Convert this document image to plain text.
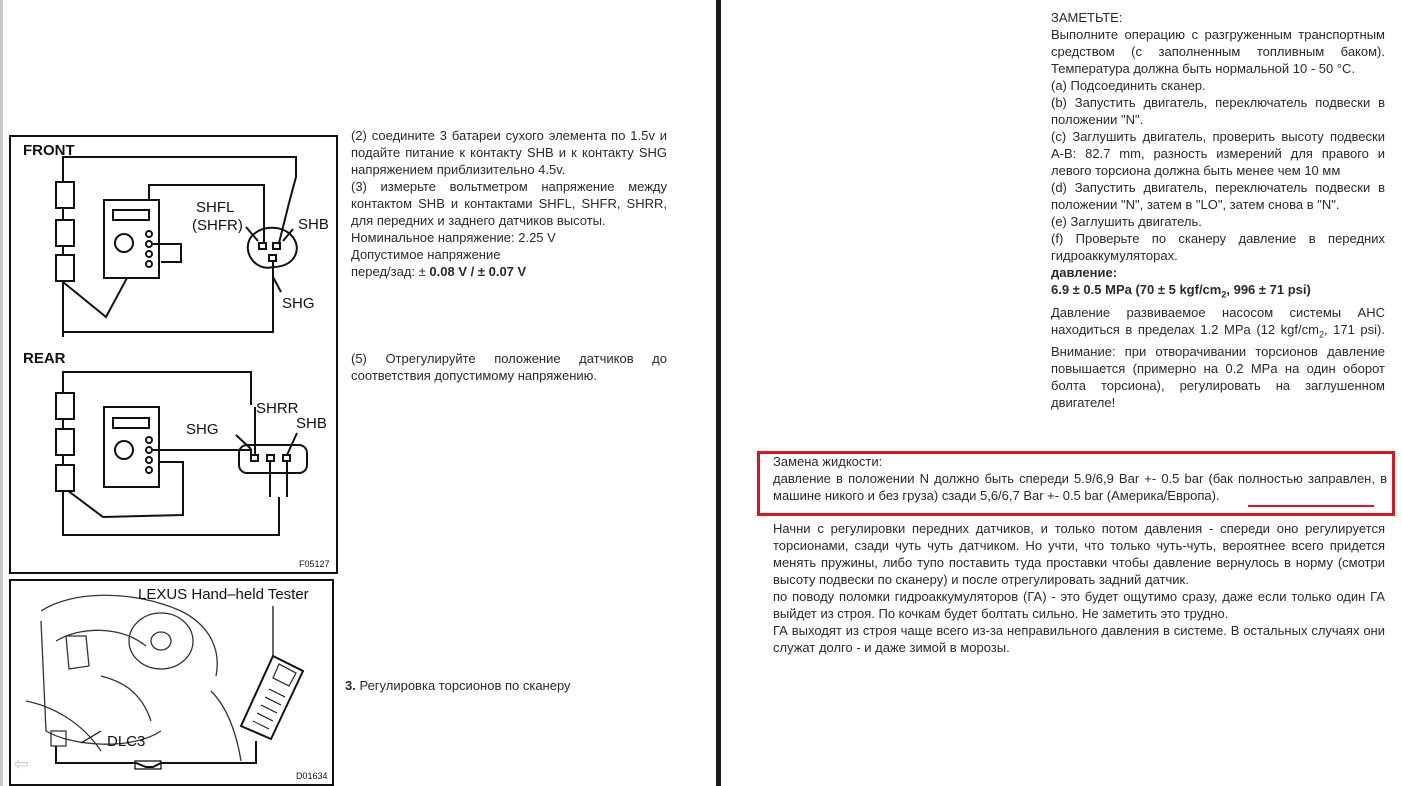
FRONT
REAR
SHFL
(SHFR)	SHB
SHG
SHRR
SHB
SHG
F05127
LEXUS Hand–held Tester
DLC3
D01634
⇦

(2) соедините 3 батареи сухого элемента по 1.5v и подайте питание к контакту SHB и к контакту SHG напряжением приблизительно 4.5v.

(3) измерьте вольтметром напряжение между контактом SHB и контактами SHFL, SHFR, SHRR, для передних и заднего датчиков высоты.

Номинальное напряжение: 2.25 V

Допустимое напряжение

перед/зад: ± 0.08 V / ± 0.07 V

(5) Отрегулируйте положение датчиков до соответствия допустимому напряжению.
3. Регулировка торсионов по сканеру

ЗАМЕТЬТЕ:

Выполните операцию с разгруженным транспортным средством (с заполненным топливным баком). Температура должна быть нормальной 10 - 50 °С.

(a) Подсоединить сканер.

(b) Запустить двигатель, переключатель подвески в положении "N".

(c) Заглушить двигатель, проверить высоту подвески А-В: 82.7 mm, разность измерений для правого и левого торсиона должна быть менее чем 10 мм

(d) Запустить двигатель, переключатель подвески в положении "N", затем в "LO", затем снова в "N".

(e) Заглушить двигатель.

(f) Проверьте по сканеру давление в передних гидроаккумуляторах.

давление:

6.9 ± 0.5 MPa (70 ± 5 kgf/$cm_2$, 996 ± 71 psi)

Давление развиваемое насосом системы АНС находиться в пределах 1.2 MPa (12 kgf/$cm_2$, 171 psi). Внимание: при отворачивании торсионов давление повышается (примерно на 0.2 MPa на один оборот болта торсиона), регулировать на заглушенном двигателе!

Замена жидкости:

давление в положении N должно быть спереди 5.9/6,9 Bar +- 0.5 bar (бак полностью заправлен, в машине никого и без груза) сзади 5,6/6,7 Bar +- 0.5 bar (Америка/Европа).

Начни с регулировки передних датчиков, и только потом давления - спереди оно регулируется торсионами, сзади чуть чуть датчиком. Но учти, что только чуть-чуть, вероятнее всего придется менять пружины, либо тупо поставить туда проставки чтобы давление вернулось в норму (смотри высоту подвески по сканеру) и после отрегулировать задний датчик.

по поводу поломки гидроаккумуляторов (ГА) - это будет ощутимо сразу, даже если только один ГА выйдет из строя. По кочкам будет болтать сильно. Не заметить это трудно.

ГА выходят из строя чаще всего из-за неправильного давления в системе. В остальных случаях они служат долго - и даже зимой в морозы.
